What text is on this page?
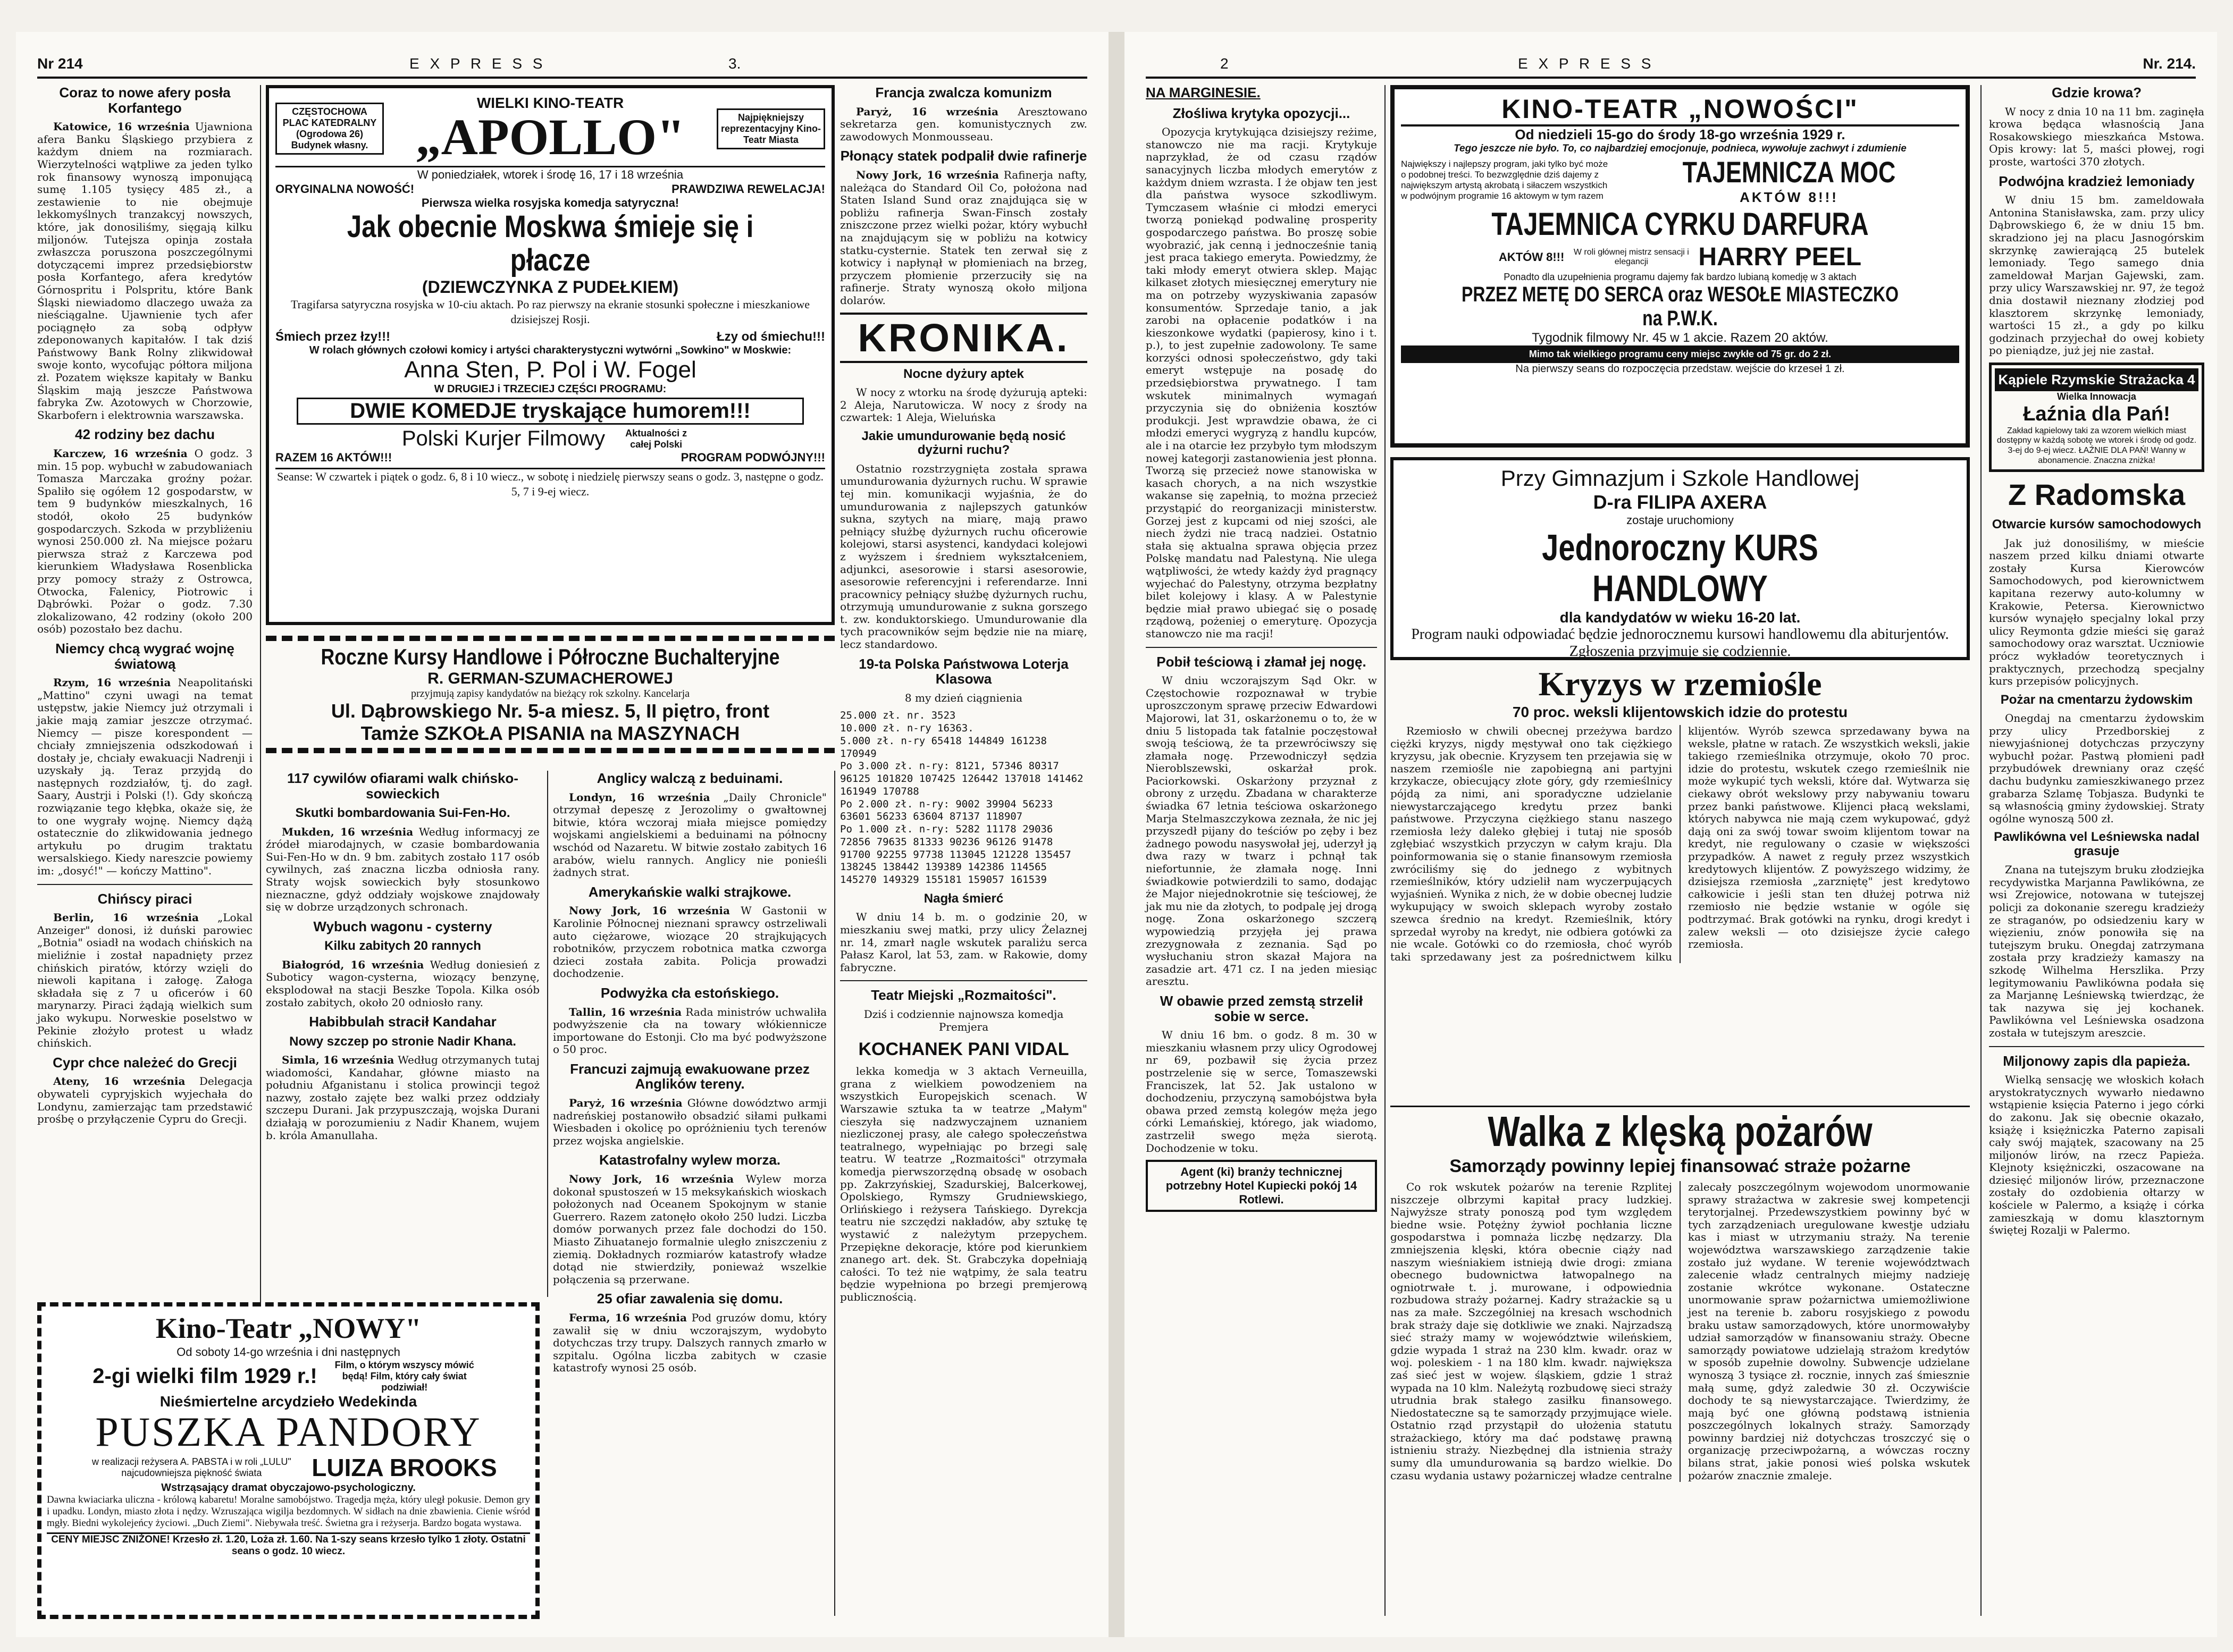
Nr 214	E X P R E S S	3.
Coraz to nowe afery posła Korfantego

Katowice, 16 września Ujawniona afera Banku Śląskiego przybiera z każdym dniem na rozmiarach. Wierzytelności wątpliwe za jeden tylko rok finansowy wynoszą imponującą sumę 1.105 tysięcy 485 zł., a zestawienie to nie obejmuje lekkomyślnych tranzakcyj nowszych, które, jak donosiliśmy, sięgają kilku miljonów. Tutejsza opinja została zwłaszcza poruszona poszczególnymi dotyczącemi imprez przedsiębiorstw posła Korfantego, afera kredytów Górnospritu i Polspritu, które Bank Śląski niewiadomo dlaczego uważa za nieściągalne. Ujawnienie tych afer pociągnęło za sobą odpływ zdeponowanych kapitałów. I tak dziś Państwowy Bank Rolny zlikwidował swoje konto, wycofując półtora miljona zł. Pozatem większe kapitały w Banku Śląskim mają jeszcze Państwowa fabryka Zw. Azotowych w Chorzowie, Skarbofern i elektrownia warszawska.

42 rodziny bez dachu

Karczew, 16 września O godz. 3 min. 15 pop. wybuchł w zabudowaniach Tomasza Marczaka groźny pożar. Spaliło się ogółem 12 gospodarstw, w tem 9 budynków mieszkalnych, 16 stodół, około 25 budynków gospodarczych. Szkoda w przybliżeniu wynosi 250.000 zł. Na miejsce pożaru pierwsza straż z Karczewa pod kierunkiem Władysława Rosenblicka przy pomocy straży z Ostrowca, Otwocka, Falenicy, Piotrowic i Dąbrówki. Pożar o godz. 7.30 zlokalizowano, 42 rodziny (około 200 osób) pozostało bez dachu.

Niemcy chcą wygrać wojnę światową

Rzym, 16 września Neapolitański „Mattino" czyni uwagi na temat ustępstw, jakie Niemcy już otrzymali i jakie mają zamiar jeszcze otrzymać. Niemcy — pisze korespondent — chciały zmniejszenia odszkodowań i dostały je, chciały ewakuacji Nadrenji i uzyskały ją. Teraz przyjdą do następnych rozdziałów, tj. do zagł. Saary, Austrji i Polski (!). Gdy skończą rozwiązanie tego kłębka, okaże się, że to one wygrały wojnę. Niemcy dążą ostatecznie do zlikwidowania jednego artykułu po drugim traktatu wersalskiego. Kiedy nareszcie powiemy im: „dosyć!" — kończy Mattino".

Chińscy piraci

Berlin, 16 września „Lokal Anzeiger" donosi, iż duński parowiec „Botnia" osiadł na wodach chińskich na mieliźnie i został napadnięty przez chińskich piratów, którzy wzięli do niewoli kapitana i załogę. Załoga składała się z 7 u oficerów i 60 marynarzy. Piraci żądają wielkich sum jako wykupu. Norweskie poselstwo w Pekinie złożyło protest u władz chińskich.

Cypr chce należeć do Grecji

Ateny, 16 września Delegacja obywateli cypryjskich wyjechała do Londynu, zamierzając tam przedstawić prośbę o przyłączenie Cypru do Grecji.

CZĘSTOCHOWA PLAC KATEDRALNY (Ogrodowa 26) Budynek własny.
WIELKI KINO-TEATR
„APOLLO"	Najpiękniejszy reprezentacyjny Kino-Teatr Miasta
W poniedziałek, wtorek i środę 16, 17 i 18 września
ORYGINALNA NOWOŚĆ!	PRAWDZIWA REWELACJA!
Pierwsza wielka rosyjska komedja satyryczna!
Jak obecnie Moskwa śmieje się i płacze
(DZIEWCZYNKA Z PUDEŁKIEM)
Tragifarsa satyryczna rosyjska w 10-ciu aktach. Po raz pierwszy na ekranie stosunki społeczne i mieszkaniowe dzisiejszej Rosji.
Śmiech przez łzy!!!	Łzy od śmiechu!!!
W rolach głównych czołowi komicy i artyści charakterystyczni wytwórni „Sowkino" w Moskwie:
Anna Sten, P. Pol i W. Fogel
W DRUGIEJ i TRZECIEJ CZĘŚCI PROGRAMU:
DWIE KOMEDJE tryskające humorem!!!
Polski Kurjer Filmowy	Aktualności z całej Polski
RAZEM 16 AKTÓW!!!	PROGRAM PODWÓJNY!!!
Seanse: W czwartek i piątek o godz. 6, 8 i 10 wiecz., w sobotę i niedzielę pierwszy seans o godz. 3, następne o godz. 5, 7 i 9-ej wiecz.
Roczne Kursy Handlowe i Półroczne Buchalteryjne
R. GERMAN-SZUMACHEROWEJ
przyjmują zapisy kandydatów na bieżący rok szkolny. Kancelarja
Ul. Dąbrowskiego Nr. 5-a miesz. 5, II piętro, front
Tamże SZKOŁA PISANIA na MASZYNACH
117 cywilów ofiarami walk chińsko-sowieckich
Skutki bombardowania Sui-Fen-Ho.

Mukden, 16 września Według informacyj ze źródeł miarodajnych, w czasie bombardowania Sui-Fen-Ho w dn. 9 bm. zabitych zostało 117 osób cywilnych, zaś znaczna liczba odniosła rany. Straty wojsk sowieckich były stosunkowo nieznaczne, gdyż oddziały wojskowe znajdowały się w dobrze urządzonych schronach.

Wybuch wagonu - cysterny
Kilku zabitych 20 rannych

Białogród, 16 września Według doniesień z Suboticy wagon-cysterna, wiozący benzynę, eksplodował na stacji Beszke Topola. Kilka osób zostało zabitych, około 20 odniosło rany.

Habibbulah stracił Kandahar
Nowy szczep po stronie Nadir Khana.

Simla, 16 września Według otrzymanych tutaj wiadomości, Kandahar, główne miasto na południu Afganistanu i stolica prowincji tegoż nazwy, zostało zajęte bez walki przez oddziały szczepu Durani. Jak przypuszczają, wojska Durani działają w porozumieniu z Nadir Khanem, wujem b. króla Amanullaha.

Anglicy walczą z beduinami.

Londyn, 16 września „Daily Chronicle" otrzymał depeszę z Jerozolimy o gwałtownej bitwie, która wczoraj miała miejsce pomiędzy wojskami angielskiemi a beduinami na północny wschód od Nazaretu. W bitwie zostało zabitych 16 arabów, wielu rannych. Anglicy nie ponieśli żadnych strat.

Amerykańskie walki strajkowe.

Nowy Jork, 16 września W Gastonii w Karolinie Północnej nieznani sprawcy ostrzeliwali auto ciężarowe, wiozące 20 strajkujących robotników, przyczem robotnica matka czworga dzieci została zabita. Policja prowadzi dochodzenie.

Podwyżka cła estońskiego.

Tallin, 16 września Rada ministrów uchwaliła podwyższenie cła na towary włókiennicze importowane do Estonji. Cło ma być podwyższone o 50 proc.

Francuzi zajmują ewakuowane przez Anglików tereny.

Paryż, 16 września Główne dowództwo armji nadreńskiej postanowiło obsadzić siłami pułkami Wiesbaden i okolicę po opróżnieniu tych terenów przez wojska angielskie.

Katastrofalny wylew morza.

Nowy Jork, 16 września Wylew morza dokonał spustoszeń w 15 meksykańskich wioskach położonych nad Oceanem Spokojnym w stanie Guerrero. Razem zatonęło około 250 ludzi. Liczba domów porwanych przez fale dochodzi do 150. Miasto Zihuatanejo formalnie uległo zniszczeniu z ziemią. Dokładnych rozmiarów katastrofy władze dotąd nie stwierdziły, ponieważ wszelkie połączenia są przerwane.

25 ofiar zawalenia się domu.

Ferma, 16 września Pod gruzów domu, który zawalił się w dniu wczorajszym, wydobyto dotychczas trzy trupy. Dalszych rannych zmarło w szpitalu. Ogólna liczba zabitych w czasie katastrofy wynosi 25 osób.

Kino-Teatr „NOWY"
Od soboty 14-go września i dni następnych
2-gi wielki film 1929 r.!	Film, o którym wszyscy mówić będą! Film, który cały świat podziwiał!
Nieśmiertelne arcydzieło Wedekinda
PUSZKA PANDORY
w realizacji reżysera A. PABSTA i w roli „LULU" najcudowniejsza piękność świata	LUIZA BROOKS
Wstrząsający dramat obyczajowo-psychologiczny.
Dawna kwiaciarka uliczna - królową kabaretu! Moralne samobójstwo. Tragedja męża, który uległ pokusie. Demon gry i upadku. Londyn, miasto złota i nędzy. Wzruszająca wigilja bezdomnych. W sidłach na dnie zbawienia. Cienie wśród mgły. Biedni wykolejeńcy życiowi. „Duch Ziemi". Niebywała treść. Świetna gra i reżyserja. Bardzo bogata wystawa.
CENY MIEJSC ZNIŻONE! Krzesło zł. 1.20, Loża zł. 1.60. Na 1-szy seans krzesło tylko 1 złoty. Ostatni seans o godz. 10 wiecz.
Francja zwalcza komunizm

Paryż, 16 września Aresztowano sekretarza gen. komunistycznych zw. zawodowych Monmousseau.

Płonący statek podpalił dwie rafinerje

Nowy Jork, 16 września Rafinerja nafty, należąca do Standard Oil Co, położona nad Staten Island Sund oraz znajdująca się w pobliżu rafinerja Swan-Finsch zostały zniszczone przez wielki pożar, który wybuchł na znajdującym się w pobliżu na kotwicy statku-cysternie. Statek ten zerwał się z kotwicy i napłynął w płomieniach na brzeg, przyczem płomienie przerzuciły się na rafinerje. Straty wynoszą około miljona dolarów.

KRONIKA.
Nocne dyżury aptek

W nocy z wtorku na środę dyżurują apteki: 2 Aleja, Narutowicza. W nocy z środy na czwartek: 1 Aleja, Wieluńska

Jakie umundurowanie będą nosić dyżurni ruchu?

Ostatnio rozstrzygnięta została sprawa umundurowania dyżurnych ruchu. W sprawie tej min. komunikacji wyjaśnia, że do umundurowania z najlepszych gatunków sukna, szytych na miarę, mają prawo pełniący służbę dyżurnych ruchu oficerowie kolejowi, starsi asystenci, kandydaci kolejowi z wyższem i średniem wykształceniem, adjunkci, asesorowie i starsi asesorowie, asesorowie referencyjni i referendarze. Inni pracownicy pełniący służbę dyżurnych ruchu, otrzymują umundurowanie z sukna gorszego t. zw. konduktorskiego. Umundurowanie dla tych pracowników sejm będzie nie na miarę, lecz standardowo.

19-ta Polska Państwowa Loterja Klasowa
8 my dzień ciągnienia
25.000 zł. nr. 3523
10.000 zł. n-ry 16363.
5.000 zł. n-ry 65418 144849 161238 170949
Po 3.000 zł. n-ry: 8121, 57346 80317 96125 101820 107425 126442 137018 141462 161949 170788
Po 2.000 zł. n-ry: 9002 39904 56233 63601 56233 63604 87137 118907
Po 1.000 zł. n-ry: 5282 11178 29036 72856 79635 81333 90236 96126 91478 91700 92255 97738 113045 121228 135457 138245 138442 139389 142386 114565 145270 149329 155181 159057 161539
Nagła śmierć

W dniu 14 b. m. o godzinie 20, w mieszkaniu swej matki, przy ulicy Żelaznej nr. 14, zmarł nagle wskutek paraliżu serca Pałasz Karol, lat 53, zam. w Rakowie, domy fabryczne.

Teatr Miejski „Rozmaitości".
Dziś i codziennie najnowsza komedja Premjera
KOCHANEK PANI VIDAL

lekka komedja w 3 aktach Verneuilla, grana z wielkiem powodzeniem na wszystkich Europejskich scenach. W Warszawie sztuka ta w teatrze „Małym" cieszyła się nadzwyczajnem uznaniem niezliczonej prasy, ale całego społeczeństwa teatralnego, wypełniając po brzegi salę teatru. W teatrze „Rozmaitości" otrzymała komedja pierwszorzędną obsadę w osobach pp. Zakrzyńskiej, Szadurskiej, Balcerkowej, Opolskiego, Rymszy Grudniewskiego, Orlińskiego i reżysera Tańskiego. Dyrekcja teatru nie szczędzi nakładów, aby sztukę tę wystawić z należytym przepychem. Przepiękne dekoracje, które pod kierunkiem znanego art. dek. St. Grabczyka dopełniają całości. To też nie wątpimy, że sala teatru będzie wypełniona po brzegi premjerową publicznością.

2	E X P R E S S	Nr. 214.
NA MARGINESIE.
Złośliwa krytyka opozycji...

Opozycja krytykująca dzisiejszy reżime, stanowczo nie ma racji. Krytykuje naprzykład, że od czasu rządów sanacyjnych liczba młodych emerytów z każdym dniem wzrasta. I że objaw ten jest dla państwa wysoce szkodliwym. Tymczasem właśnie ci młodzi emeryci tworzą poniekąd podwalinę prosperity gospodarczego państwa. Bo proszę sobie wyobrazić, jak cenną i jednocześnie tanią jest praca takiego emeryta. Powiedzmy, że taki młody emeryt otwiera sklep. Mając kilkaset złotych miesięcznej emerytury nie ma on potrzeby wyzyskiwania zapasów konsumentów. Sprzedaje tanio, a jak zarobi na opłacenie podatków i na kieszonkowe wydatki (papierosy, kino i t. p.), to jest zupełnie zadowolony. Te same korzyści odnosi społeczeństwo, gdy taki emeryt wstępuje na posadę do przedsiębiorstwa prywatnego. I tam wskutek minimalnych wymagań przyczynia się do obniżenia kosztów produkcji. Jest wprawdzie obawa, że ci młodzi emeryci wygryzą z handlu kupców, ale i na otarcie łez przybyło tym młodszym nowej kategorji zastanowienia jest płonna. Tworzą się przecież nowe stanowiska w kasach chorych, a na nich wszystkie wakanse się zapełnią, to można przecież przystąpić do reorganizacji ministerstw. Gorzej jest z kupcami od niej szości, ale niech żydzi nie tracą nadziei. Ostatnio stała się aktualna sprawa objęcia przez Polskę mandatu nad Palestyną. Nie ulega wątpliwości, że wtedy każdy żyd pragnący wyjechać do Palestyny, otrzyma bezpłatny bilet kolejowy i klasy. A w Palestynie będzie miał prawo ubiegać się o posadę rządową, pożeniej o emeryturę. Opozycja stanowczo nie ma racji!

Pobił teściową i złamał jej nogę.

W dniu wczorajszym Sąd Okr. w Częstochowie rozpoznawał w trybie uproszczonym sprawę przeciw Edwardowi Majorowi, lat 31, oskarżonemu o to, że w dniu 5 listopada tak fatalnie poczęstował swoją teściową, że ta przewróciwszy się złamała nogę. Przewodniczył sędzia Nieroblszewski, oskarżał prok. Paciorkowski. Oskarżony przyznał z obrony z urzędu. Zbadana w charakterze świadka 67 letnia teściowa oskarżonego Marja Stelmaszczykowa zeznała, że nic jej przyszedł pijany do teściów po zęby i bez żadnego powodu nasyswołał jej, uderzył ją dwa razy w twarz i pchnął tak niefortunnie, że złamała nogę. Inni świadkowie potwierdzili to samo, dodając że Major niejednokrotnie się teściowej, że jak mu nie da złotych, to podpalę jej drogą nogę. Zona oskarżonego szczerą wypowiedzią przyjęła jej prawa zrezygnowała z zeznania. Sąd po wysłuchaniu stron skazał Majora na zasadzie art. 471 cz. I na jeden miesiąc aresztu.

W obawie przed zemstą strzelił sobie w serce.

W dniu 16 bm. o godz. 8 m. 30 w mieszkaniu własnem przy ulicy Ogrodowej nr 69, pozbawił się życia przez postrzelenie się w serce, Tomaszewski Franciszek, lat 52. Jak ustalono w dochodzeniu, przyczyną samobójstwa była obawa przed zemstą kolegów męża jego córki Lemańskiej, którego, jak wiadomo, zastrzelił swego męża sierotą. Dochodzenie w toku.

Agent (ki) branży technicznej potrzebny Hotel Kupiecki pokój 14 Rotlewi.
KINO-TEATR „NOWOŚCI"
Od niedzieli 15-go do środy 18-go września 1929 r.
Tego jeszcze nie było. To, co najbardziej emocjonuje, podnieca, wywołuje zachwyt i zdumienie
Największy i najlepszy program, jaki tylko być może o podobnej treści. To bezwzględnie dziś dajemy z największym artystą akrobatą i siłaczem wszystkich w podwójnym programie 16 aktowym w tym razem
TAJEMNICZA MOC
AKTÓW 8!!!
TAJEMNICA CYRKU DARFURA
AKTÓW 8!!! W roli głównej mistrz sensacji i elegancji	HARRY PEEL
Ponadto dla uzupełnienia programu dajemy fak bardzo lubianą komedję w 3 aktach
PRZEZ METĘ DO SERCA oraz WESOŁE MIASTECZKO na P.W.K.
Tygodnik filmowy Nr. 45 w 1 akcie. Razem 20 aktów.
Mimo tak wielkiego programu ceny miejsc zwykłe od 75 gr. do 2 zł.
Na pierwszy seans do rozpoczęcia przedstaw. wejście do krzeseł 1 zł.
Przy Gimnazjum i Szkole Handlowej
D-ra FILIPA AXERA
zostaje uruchomiony
Jednoroczny KURS HANDLOWY
dla kandydatów w wieku 16-20 lat.
Program nauki odpowiadać będzie jednorocznemu kursowi handlowemu dla abiturjentów.
Zgłoszenia przyjmuje się codziennie.
Kryzys w rzemiośle
70 proc. weksli klijentowskich idzie do protestu

Rzemiosło w chwili obecnej przeżywa bardzo ciężki kryzys, nigdy męstywał ono tak ciężkiego kryzysu, jak obecnie. Kryzysem ten przejawia się w naszem rzemiośle nie zapobiegną ani partyjni krzykacze, obiecujący złote góry, gdy rzemieślnicy pójdą za nimi, ani sporadyczne udzielanie niewystarczającego kredytu przez banki państwowe. Przyczyna ciężkiego stanu naszego rzemiosła leży daleko głębiej i tutaj nie sposób zgłębiać wszystkich przyczyn w całym kraju. Dla poinformowania się o stanie finansowym rzemiosła zwróciliśmy się do jednego z wybitnych rzemieślników, który udzielił nam wyczerpujących wyjaśnień. Wynika z nich, że w dobie obecnej ludzie wykupujący w swoich sklepach wyroby zostało szewca średnio na kredyt. Rzemieślnik, który sprzedał wyroby na kredyt, nie odbiera gotówki za nie wcale. Gotówki co do rzemiosła, choć wyrób taki sprzedawany jest za pośrednictwem kilku klijentów. Wyrób szewca sprzedawany bywa na weksle, płatne w ratach. Ze wszystkich weksli, jakie takiego rzemieślnika otrzymuje, około 70 proc. idzie do protestu, wskutek czego rzemieślnik nie może wykupić tych weksli, które dał. Wytwarza się ciekawy obrót wekslowy przy nabywaniu towaru przez banki państwowe. Klijenci płacą wekslami, których nabywca nie mają czem wykupować, gdyż dają oni za swój towar swoim klijentom towar na kredyt, nie regulowany o czasie w większości przypadków. A nawet z reguły przez wszystkich kredytowych klijentów. Z powyższego widzimy, że dzisiejsza rzemiosła „zarzniętę" jest kredytowo całkowicie i jeśli stan ten dłużej potrwa niż rzemiosło nie będzie wstanie w ogóle się podtrzymać. Brak gotówki na rynku, drogi kredyt i zalew weksli — oto dzisiejsze życie całego rzemiosła.

Walka z klęską pożarów
Samorządy powinny lepiej finansować straże pożarne

Co rok wskutek pożarów na terenie Rzplitej niszczeje olbrzymi kapitał pracy ludzkiej. Najwyższe straty ponoszą pod tym względem biedne wsie. Potężny żywioł pochłania liczne gospodarstwa i pomnaża liczbę nędzarzy. Dla zmniejszenia klęski, która obecnie ciąży nad naszym wieśniakiem istnieją dwie drogi: zmiana obecnego budownictwa łatwopalnego na ogniotrwałe t. j. murowane, i odpowiednia rozbudowa straży pożarnej. Kadry strażackie są u nas za małe. Szczególniej na kresach wschodnich brak straży daje się dotkliwie we znaki. Najrzadszą sieć straży mamy w województwie wileńskiem, gdzie wypada 1 straż na 230 klm. kwadr. oraz w woj. poleskiem - 1 na 180 klm. kwadr. największa zaś sieć jest w wojew. śląskiem, gdzie 1 straż wypada na 10 klm. Należytą rozbudowę sieci straży utrudnia brak stałego zasiłku finansowego. Niedostateczne są te samorządy przyjmujące wiele. Ostatnio rząd przystąpił do ułożenia statutu strażackiego, który ma dać podstawę prawną istnieniu straży. Niezbędnej dla istnienia straży sumy dla umundurowania są bardzo wielkie. Do czasu wydania ustawy pożarniczej władze centralne zalecały poszczególnym wojewodom unormowanie sprawy strażactwa w zakresie swej kompetencji terytorjalnej. Przedewszystkiem powinny być w tych zarządzeniach uregulowane kwestje udziału kas i miast w utrzymaniu straży. Na terenie województwa warszawskiego zarządzenie takie zostało już wydane. W terenie województwach zalecenie władz centralnych miejmy nadzieję zostanie wkrótce wykonane. Ostateczne unormowanie spraw pożarnictwa umiemożliwione jest na terenie b. zaboru rosyjskiego z powodu braku ustaw samorządowych, które unormowałyby udział samorządów w finansowaniu straży. Obecne samorządy powiatowe udzielają strażom kredytów w sposób zupełnie dowolny. Subwencje udzielane wynoszą 3 tysiące zł. rocznie, innych zaś śmiesznie małą sumę, gdyż zaledwie 30 zł. Oczywiście dochody te są niewystarczające. Twierdzimy, że mają być one główną podstawą istnienia poszczególnych lokalnych straży. Samorządy powinny bardziej niż dotychczas troszczyć się o organizację przeciwpożarną, a wówczas roczny bilans strat, jakie ponosi wieś polska wskutek pożarów znacznie zmaleje.

Gdzie krowa?

W nocy z dnia 10 na 11 bm. zaginęła krowa będąca własnością Jana Rosakowskiego mieszkańca Mstowa. Opis krowy: lat 5, maści płowej, rogi proste, wartości 370 złotych.

Podwójna kradzież lemoniady

W dniu 15 bm. zameldowała Antonina Stanisławska, zam. przy ulicy Dąbrowskiego 6, że w dniu 15 bm. skradziono jej na placu Jasnogórskim skrzynkę zawierającą 25 butelek lemoniady. Tego samego dnia zameldował Marjan Gajewski, zam. przy ulicy Warszawskiej nr. 97, że tegoż dnia dostawił nieznany złodziej pod klasztorem skrzynkę lemoniady, wartości 15 zł., a gdy po kilku godzinach przyjechał do owej kobiety po pieniądze, już jej nie zastał.

Kąpiele Rzymskie Strażacka 4
Wielka Innowacja
Łaźnia dla Pań!
Zakład kąpielowy taki za wzorem wielkich miast dostępny w każdą sobotę we wtorek i środę od godz. 3-ej do 9-ej wiecz. ŁAŹNIE DLA PAŃ! Wanny w abonamencie. Znaczna zniżka!
Z Radomska
Otwarcie kursów samochodowych

Jak już donosiliśmy, w mieście naszem przed kilku dniami otwarte zostały Kursa Kierowców Samochodowych, pod kierownictwem kapitana rezerwy auto-kolumny w Krakowie, Petersa. Kierownictwo kursów wynajęło specjalny lokal przy ulicy Reymonta gdzie mieści się garaż samochodowy oraz warsztat. Uczniowie prócz wykładów teoretycznych i praktycznych, przechodzą specjalny kurs przepisów policyjnych.

Pożar na cmentarzu żydowskim

Onegdaj na cmentarzu żydowskim przy ulicy Przedborskiej z niewyjaśnionej dotychczas przyczyny wybuchł pożar. Pastwą płomieni padł przybudówek drewniany oraz część dachu budynku zamieszkiwanego przez grabarza Szlamę Tobjasza. Budynki te są własnością gminy żydowskiej. Straty ogólne wynoszą 500 zł.

Pawlikówna vel Leśniewska nadal grasuje

Znana na tutejszym bruku złodziejka recydywistka Marjanna Pawlikówna, ze wsi Zrejowice, notowana w tutejszej policji za dokonanie szeregu kradzieży ze straganów, po odsiedzeniu kary w więzieniu, znów ponowiła się na tutejszym bruku. Onegdaj zatrzymana została przy kradzieży kamaszy na szkodę Wilhelma Herszlika. Przy legitymowaniu Pawlikówna podała się za Marjannę Leśniewską twierdząc, że tak nazywa się jej kochanek. Pawlikówna vel Leśniewska osadzona została w tutejszym areszcie.

Miljonowy zapis dla papieża.

Wielką sensację we włoskich kołach arystokratycznych wywarło niedawno wstąpienie księcia Paterno i jego córki do zakonu. Jak się obecnie okazało, książę i księżniczka Paterno zapisali cały swój majątek, szacowany na 25 miljonów lirów, na rzecz Papieża. Klejnoty księżniczki, oszacowane na dziesięć miljonów lirów, przeznaczone zostały do ozdobienia ołtarzy w kościele w Palermo, a książę i córka zamieszkają w domu klasztornym świętej Rozalji w Palermo.
